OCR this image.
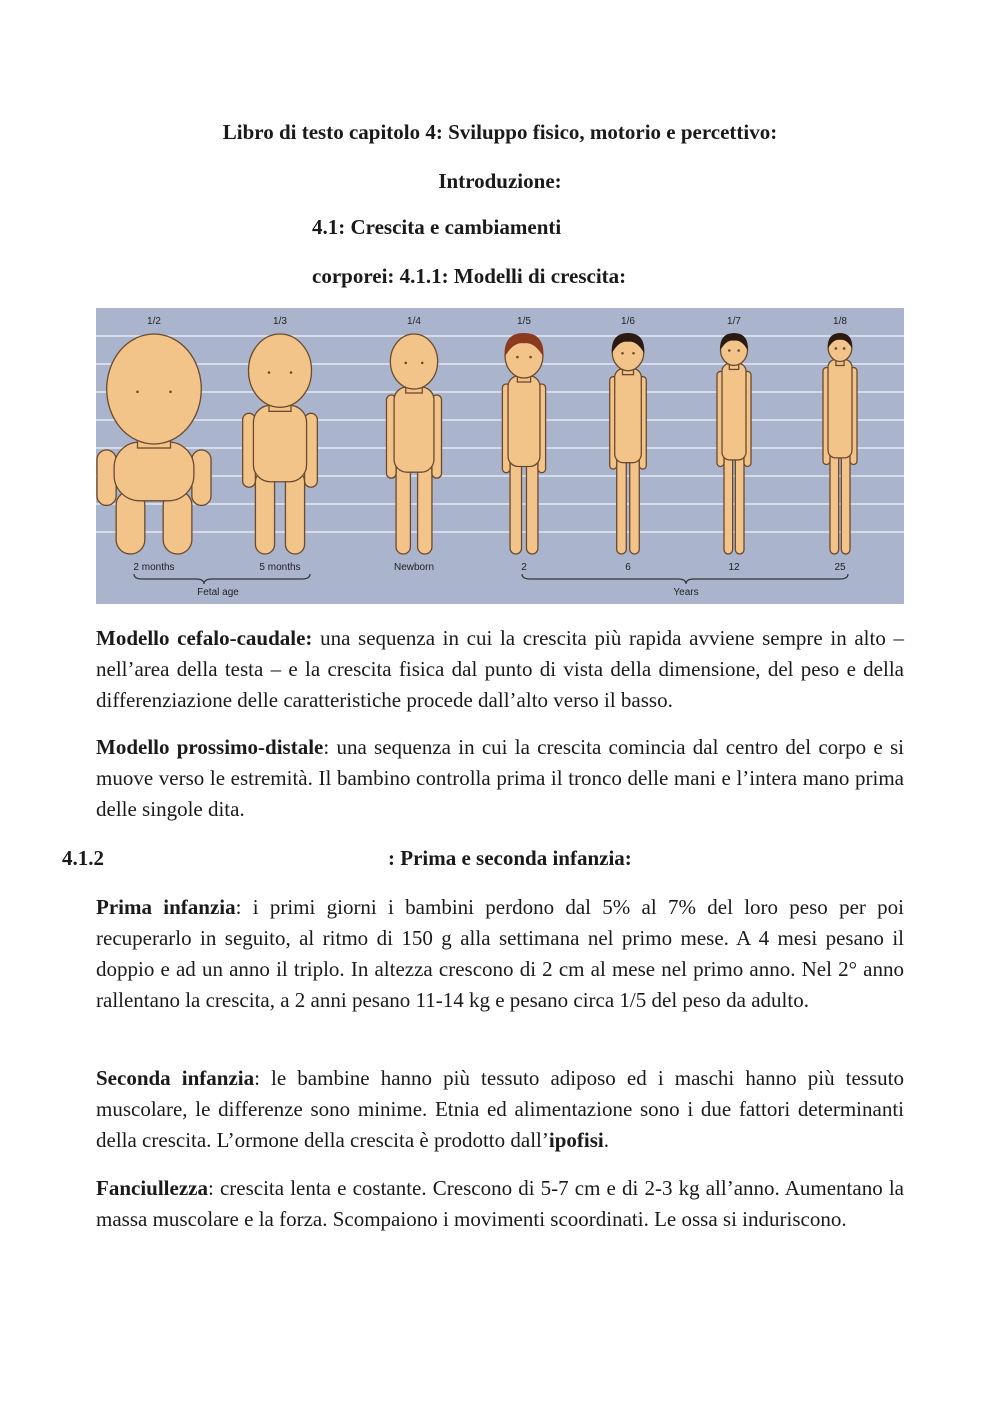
Libro di testo capitolo 4: Sviluppo fisico, motorio e percettivo:
Introduzione:
4.1: Crescita e cambiamenti
corporei: 4.1.1: Modelli di crescita:
1/2	1/3	1/4	1/5	1/6	1/7	1/8
2 months	5 months	Newborn	2	6	12	25
Fetal age	Years

Modello cefalo-caudale: una sequenza in cui la crescita più rapida avviene sempre in alto – nell’area della testa – e la crescita fisica dal punto di vista della dimensione, del peso e della differenziazione delle caratteristiche procede dall’alto verso il basso.

Modello prossimo-distale: una sequenza in cui la crescita comincia dal centro del corpo e si muove verso le estremità. Il bambino controlla prima il tronco delle mani e l’intera mano prima delle singole dita.

4.1.2	: Prima e seconda infanzia:

Prima infanzia: i primi giorni i bambini perdono dal 5% al 7% del loro peso per poi recuperarlo in seguito, al ritmo di 150 g alla settimana nel primo mese. A 4 mesi pesano il doppio e ad un anno il triplo. In altezza crescono di 2 cm al mese nel primo anno. Nel 2° anno rallentano la crescita, a 2 anni pesano 11-14 kg e pesano circa 1/5 del peso da adulto.

Seconda infanzia: le bambine hanno più tessuto adiposo ed i maschi hanno più tessuto muscolare, le differenze sono minime. Etnia ed alimentazione sono i due fattori determinanti della crescita. L’ormone della crescita è prodotto dall’ipofisi.

Fanciullezza: crescita lenta e costante. Crescono di 5-7 cm e di 2-3 kg all’anno. Aumentano la massa muscolare e la forza. Scompaiono i movimenti scoordinati. Le ossa si induriscono.
